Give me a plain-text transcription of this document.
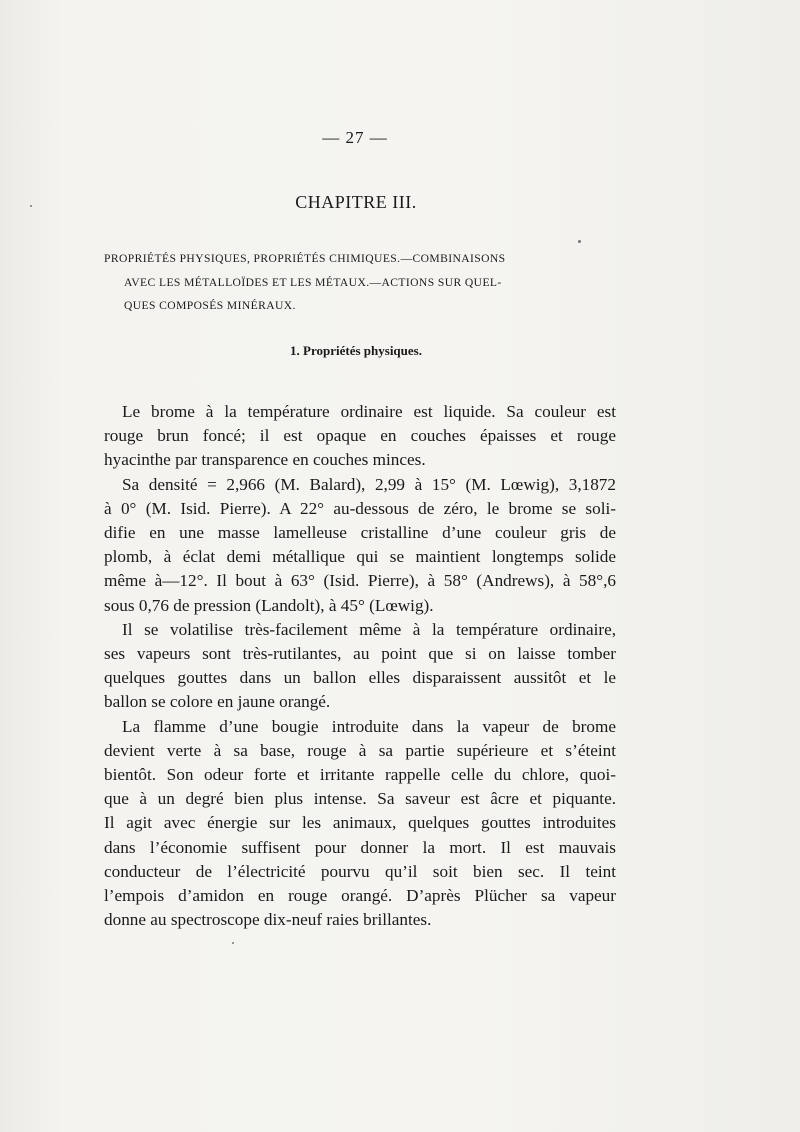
— 27 —
CHAPITRE III.
PROPRIÉTÉS PHYSIQUES, PROPRIÉTÉS CHIMIQUES.—COMBINAISONS
AVEC LES MÉTALLOÏDES ET LES MÉTAUX.—ACTIONS SUR QUEL-
QUES COMPOSÉS MINÉRAUX.
1. Propriétés physiques.
Le brome à la température ordinaire est liquide. Sa couleur est
rouge brun foncé; il est opaque en couches épaisses et rouge
hyacinthe par transparence en couches minces.
Sa densité = 2,966 (M. Balard), 2,99 à 15° (M. Lœwig), 3,1872
à 0° (M. Isid. Pierre). A 22° au-dessous de zéro, le brome se soli-
difie en une masse lamelleuse cristalline d’une couleur gris de
plomb, à éclat demi métallique qui se maintient longtemps solide
même à—12°. Il bout à 63° (Isid. Pierre), à 58° (Andrews), à 58°,6
sous 0,76 de pression (Landolt), à 45° (Lœwig).
Il se volatilise très-facilement même à la température ordinaire,
ses vapeurs sont très-rutilantes, au point que si on laisse tomber
quelques gouttes dans un ballon elles disparaissent aussitôt et le
ballon se colore en jaune orangé.
La flamme d’une bougie introduite dans la vapeur de brome
devient verte à sa base, rouge à sa partie supérieure et s’éteint
bientôt. Son odeur forte et irritante rappelle celle du chlore, quoi-
que à un degré bien plus intense. Sa saveur est âcre et piquante.
Il agit avec énergie sur les animaux, quelques gouttes introduites
dans l’économie suffisent pour donner la mort. Il est mauvais
conducteur de l’électricité pourvu qu’il soit bien sec. Il teint
l’empois d’amidon en rouge orangé. D’après Plücher sa vapeur
donne au spectroscope dix-neuf raies brillantes.
